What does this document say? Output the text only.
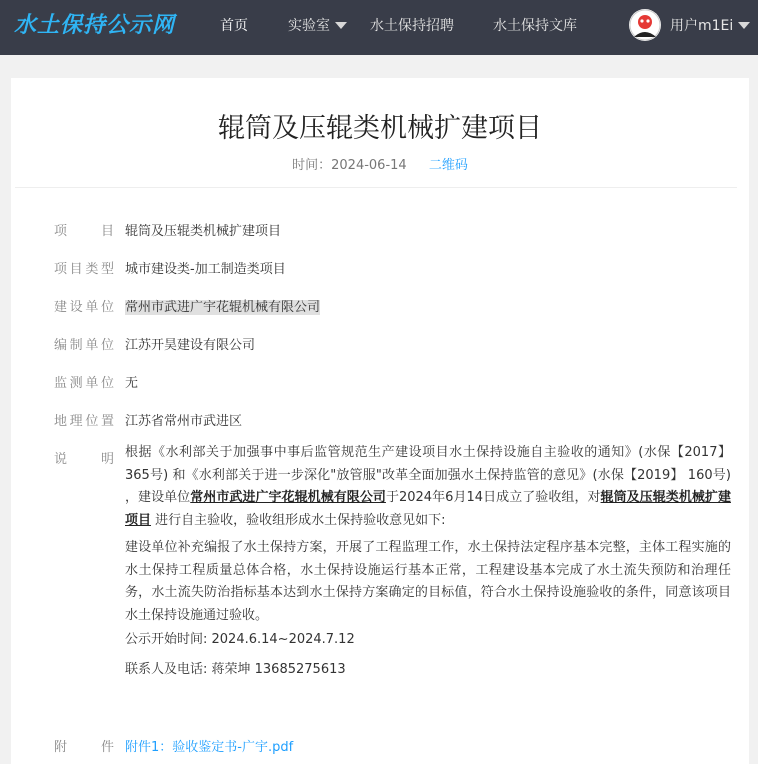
水土保持公示网	首页	实验室	水土保持招聘	水土保持文库	用户m1Ei
辊筒及压辊类机械扩建项目
时间：2024-06-14 二维码
项目 辊筒及压辊类机械扩建项目
项目类型 城市建设类-加工制造类项目
建设单位 常州市武进广宇花辊机械有限公司
编制单位 江苏开昊建设有限公司
监测单位 无
地理位置 江苏省常州市武进区
说明 根据《水利部关于加强事中事后监管规范生产建设项目水土保持设施自主验收的通知》(水保【2017】365号) 和《水利部关于进一步深化"放管服"改革全面加强水土保持监管的意见》(水保【2019】 160号) ，建设单位常州市武进广宇花辊机械有限公司于2024年6月14日成立了验收组，对辊筒及压辊类机械扩建项目 进行自主验收，验收组形成水土保持验收意见如下:
建设单位补充编报了水土保持方案，开展了工程监理工作，水土保持法定程序基本完整，主体工程实施的水土保持工程质量总体合格，水土保持设施运行基本正常，工程建设基本完成了水土流失预防和治理任务，水土流失防治指标基本达到水土保持方案确定的目标值，符合水土保持设施验收的条件，同意该项目水土保持设施通过验收。
公示开始时间: 2024.6.14~2024.7.12
联系人及电话: 蒋荣坤 13685275613
附件 附件1：验收鉴定书-广宇.pdf
